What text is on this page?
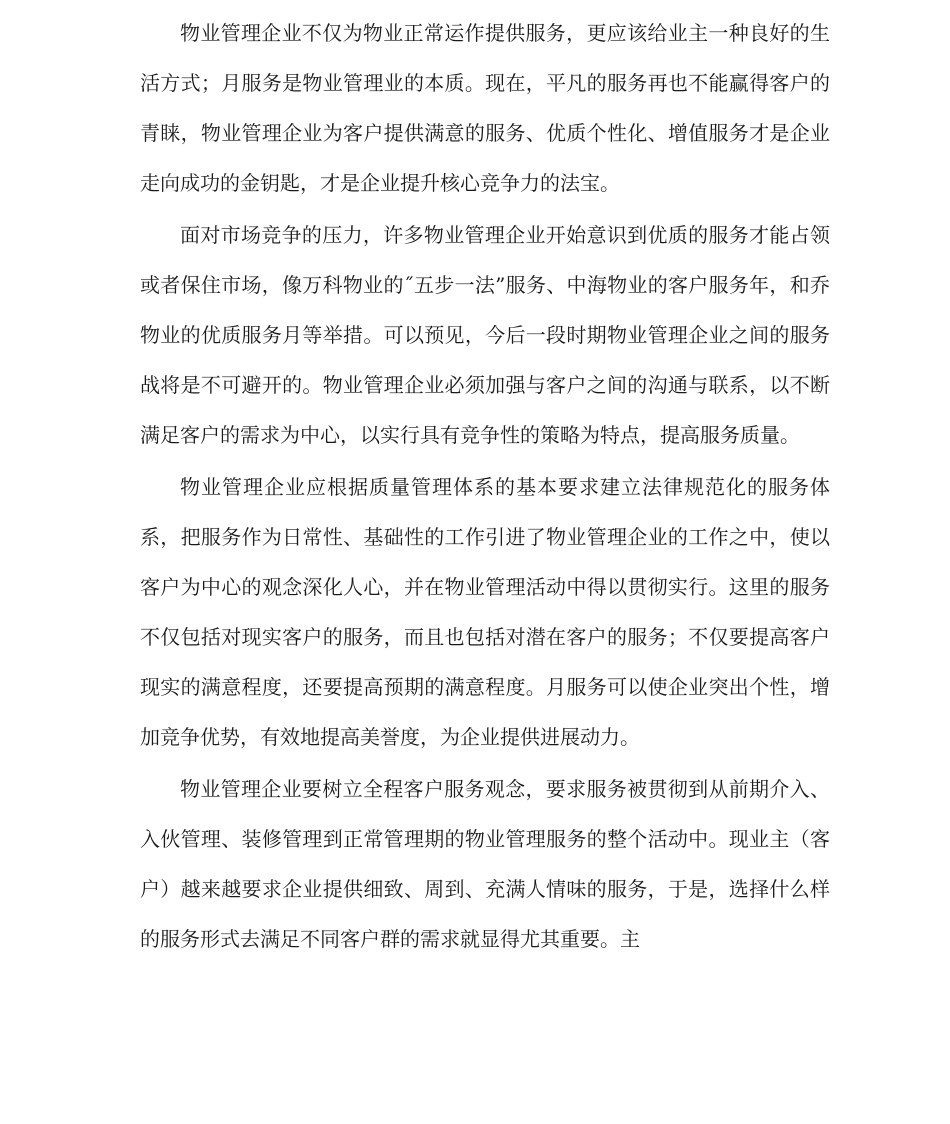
物业管理企业不仅为物业正常运作提供服务，更应该给业主一种良好的生活方式；月服务是物业管理业的本质。现在，平凡的服务再也不能赢得客户的青睐，物业管理企业为客户提供满意的服务、优质个性化、增值服务才是企业走向成功的金钥匙，才是企业提升核心竞争力的法宝。

面对市场竞争的压力，许多物业管理企业开始意识到优质的服务才能占领或者保住市场，像万科物业的˝五步一法”服务、中海物业的客户服务年，和乔物业的优质服务月等举措。可以预见，今后一段时期物业管理企业之间的服务战将是不可避开的。物业管理企业必须加强与客户之间的沟通与联系，以不断满足客户的需求为中心，以实行具有竞争性的策略为特点，提高服务质量。

物业管理企业应根据质量管理体系的基本要求建立法律规范化的服务体系，把服务作为日常性、基础性的工作引进了物业管理企业的工作之中，使以客户为中心的观念深化人心，并在物业管理活动中得以贯彻实行。这里的服务不仅包括对现实客户的服务，而且也包括对潜在客户的服务；不仅要提高客户现实的满意程度，还要提高预期的满意程度。月服务可以使企业突出个性，增加竞争优势，有效地提高美誉度，为企业提供进展动力。

物业管理企业要树立全程客户服务观念，要求服务被贯彻到从前期介入、入伙管理、装修管理到正常管理期的物业管理服务的整个活动中。现业主（客户）越来越要求企业提供细致、周到、充满人情味的服务，于是，选择什么样的服务形式去满足不同客户群的需求就显得尤其重要。主
